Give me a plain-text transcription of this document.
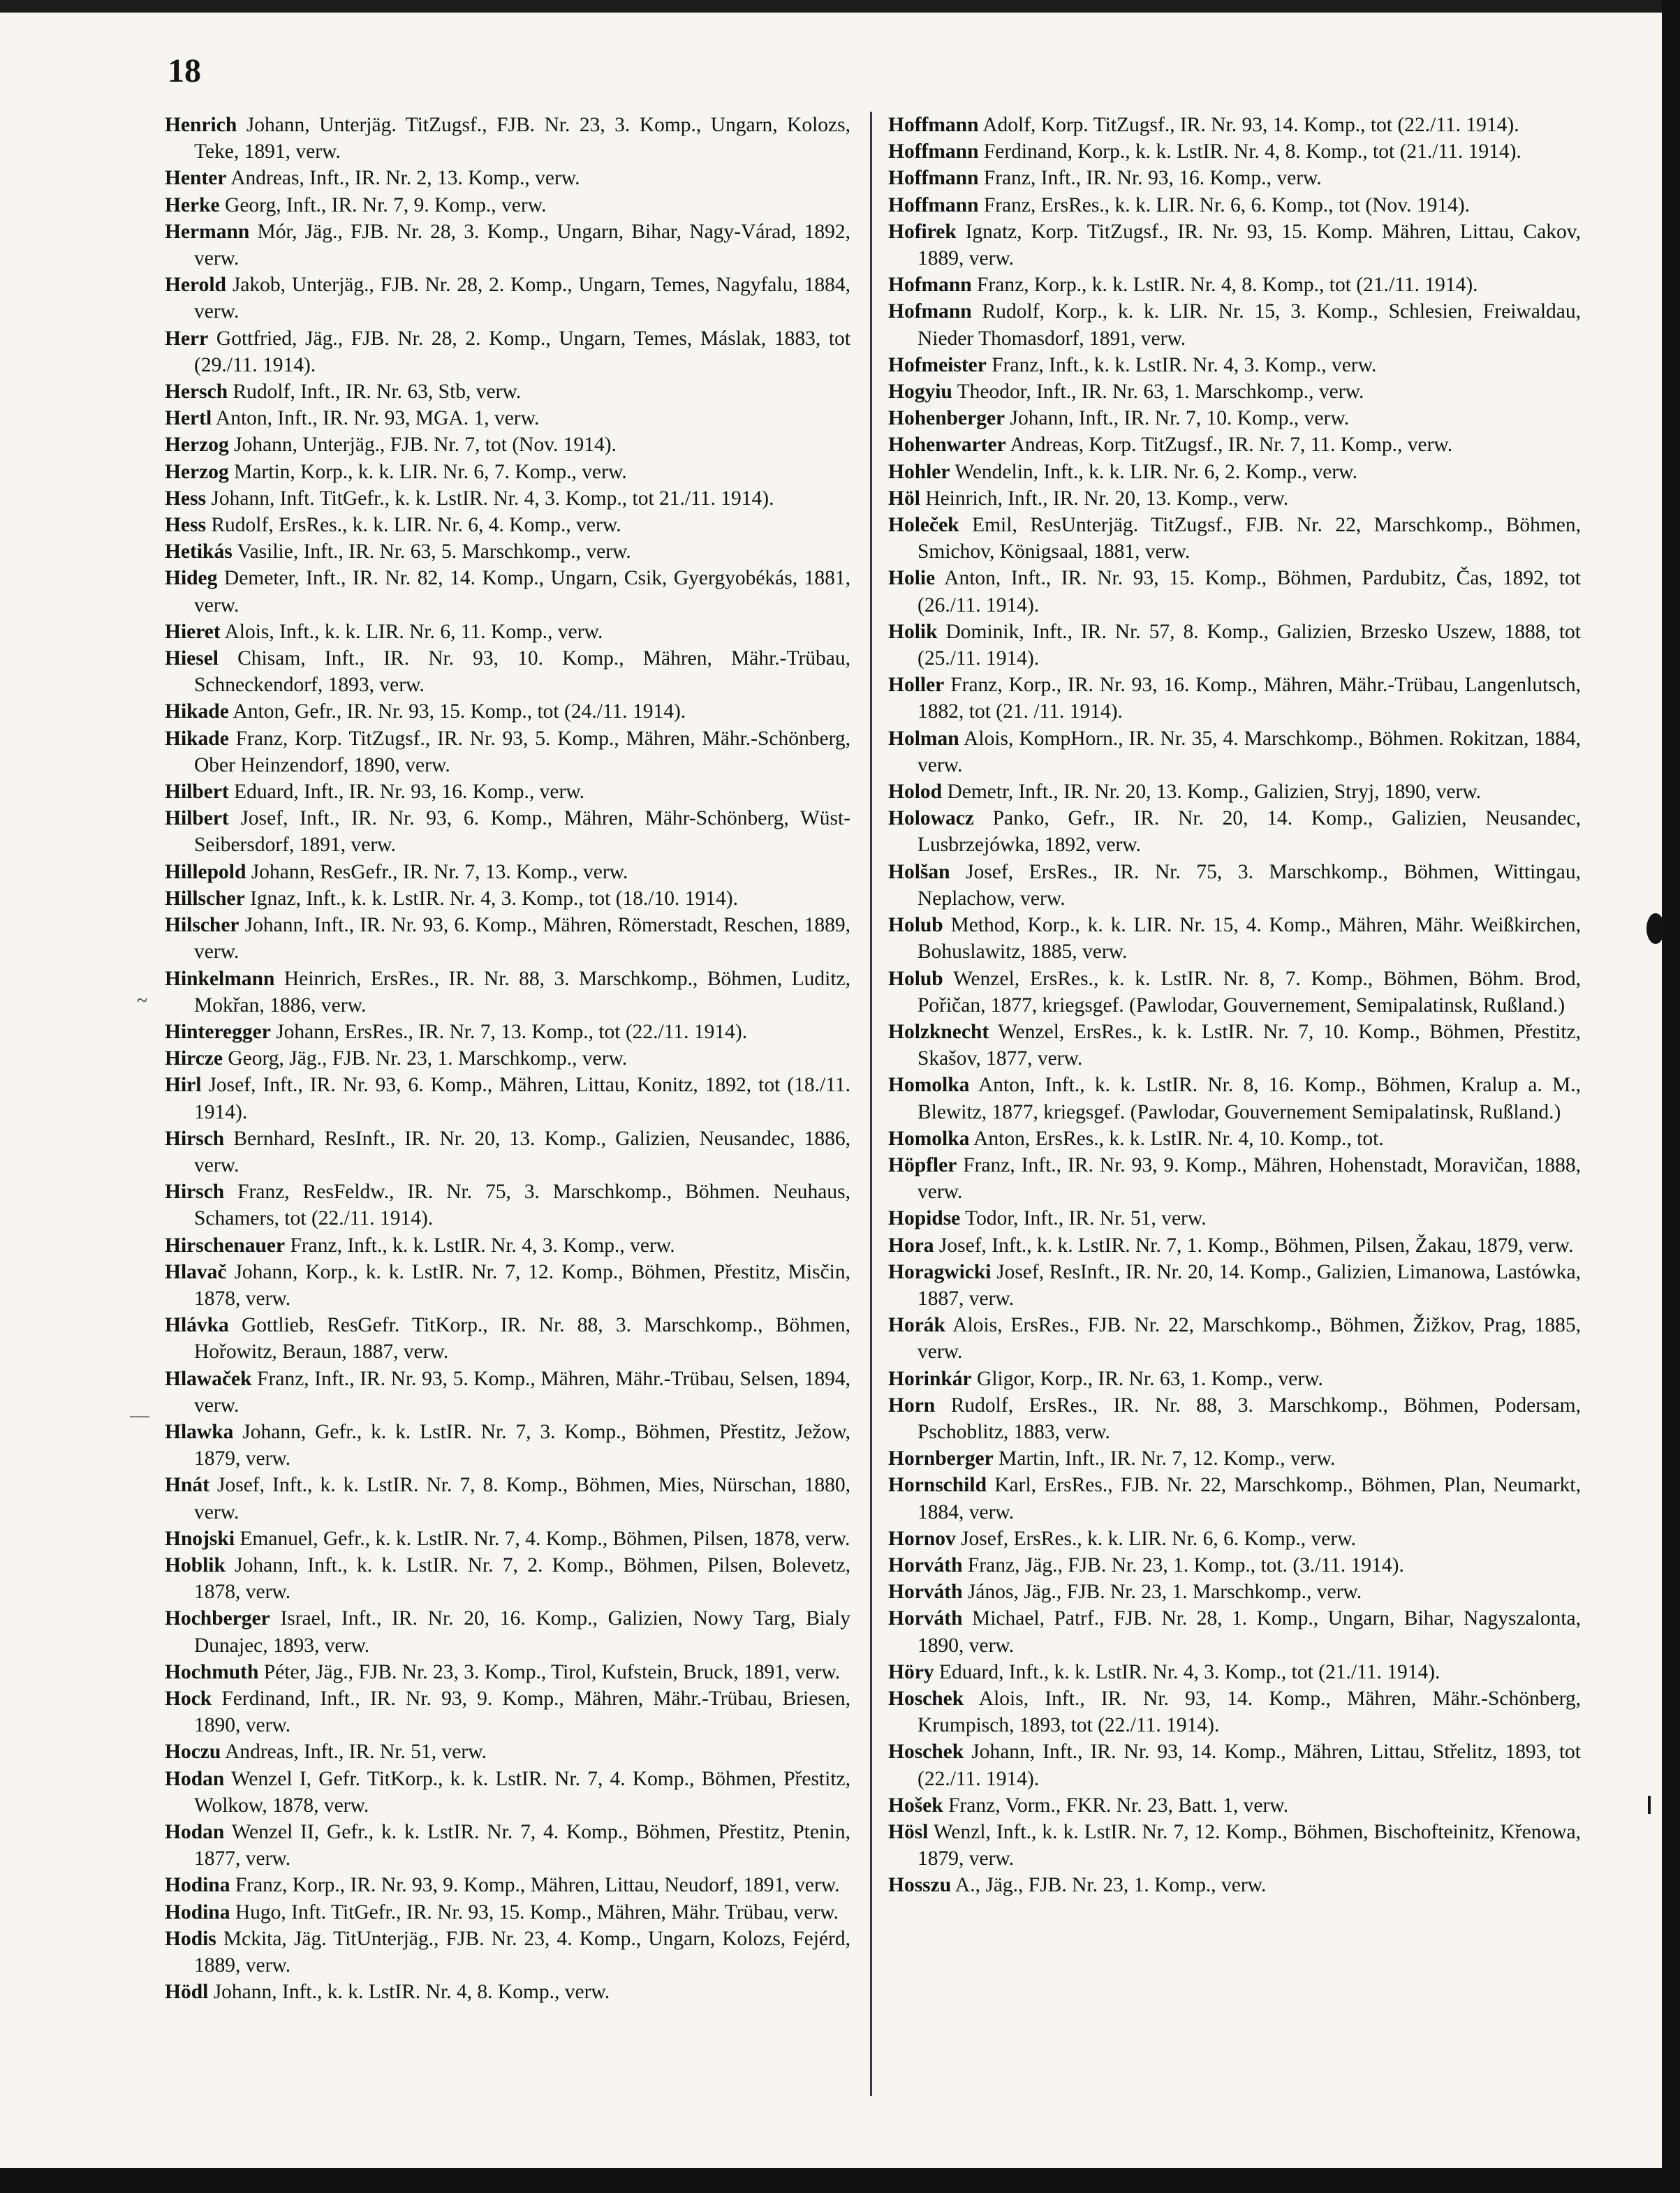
18

Henrich Johann, Unterjäg. TitZugsf., FJB. Nr. 23, 3. Komp., Ungarn, Kolozs, Teke, 1891, verw.

Henter Andreas, Inft., IR. Nr. 2, 13. Komp., verw.

Herke Georg, Inft., IR. Nr. 7, 9. Komp., verw.

Hermann Mór, Jäg., FJB. Nr. 28, 3. Komp., Ungarn, Bihar, Nagy-Várad, 1892, verw.

Herold Jakob, Unterjäg., FJB. Nr. 28, 2. Komp., Ungarn, Temes, Nagyfalu, 1884, verw.

Herr Gottfried, Jäg., FJB. Nr. 28, 2. Komp., Ungarn, Temes, Máslak, 1883, tot (29./11. 1914).

Hersch Rudolf, Inft., IR. Nr. 63, Stb, verw.

Hertl Anton, Inft., IR. Nr. 93, MGA. 1, verw.

Herzog Johann, Unterjäg., FJB. Nr. 7, tot (Nov. 1914).

Herzog Martin, Korp., k. k. LIR. Nr. 6, 7. Komp., verw.

Hess Johann, Inft. TitGefr., k. k. LstIR. Nr. 4, 3. Komp., tot 21./11. 1914).

Hess Rudolf, ErsRes., k. k. LIR. Nr. 6, 4. Komp., verw.

Hetikás Vasilie, Inft., IR. Nr. 63, 5. Marschkomp., verw.

Hideg Demeter, Inft., IR. Nr. 82, 14. Komp., Ungarn, Csik, Gyergyobékás, 1881, verw.

Hieret Alois, Inft., k. k. LIR. Nr. 6, 11. Komp., verw.

Hiesel Chisam, Inft., IR. Nr. 93, 10. Komp., Mähren, Mähr.-Trübau, Schneckendorf, 1893, verw.

Hikade Anton, Gefr., IR. Nr. 93, 15. Komp., tot (24./11. 1914).

Hikade Franz, Korp. TitZugsf., IR. Nr. 93, 5. Komp., Mähren, Mähr.-Schönberg, Ober Heinzendorf, 1890, verw.

Hilbert Eduard, Inft., IR. Nr. 93, 16. Komp., verw.

Hilbert Josef, Inft., IR. Nr. 93, 6. Komp., Mähren, Mähr-Schönberg, Wüst-Seibersdorf, 1891, verw.

Hillepold Johann, ResGefr., IR. Nr. 7, 13. Komp., verw.

Hillscher Ignaz, Inft., k. k. LstIR. Nr. 4, 3. Komp., tot (18./10. 1914).

Hilscher Johann, Inft., IR. Nr. 93, 6. Komp., Mähren, Römerstadt, Reschen, 1889, verw.

Hinkelmann Heinrich, ErsRes., IR. Nr. 88, 3. Marschkomp., Böhmen, Luditz, Mokřan, 1886, verw.

Hinteregger Johann, ErsRes., IR. Nr. 7, 13. Komp., tot (22./11. 1914).

Hircze Georg, Jäg., FJB. Nr. 23, 1. Marschkomp., verw.

Hirl Josef, Inft., IR. Nr. 93, 6. Komp., Mähren, Littau, Konitz, 1892, tot (18./11. 1914).

Hirsch Bernhard, ResInft., IR. Nr. 20, 13. Komp., Galizien, Neusandec, 1886, verw.

Hirsch Franz, ResFeldw., IR. Nr. 75, 3. Marschkomp., Böhmen. Neuhaus, Schamers, tot (22./11. 1914).

Hirschenauer Franz, Inft., k. k. LstIR. Nr. 4, 3. Komp., verw.

Hlavač Johann, Korp., k. k. LstIR. Nr. 7, 12. Komp., Böhmen, Přestitz, Misčin, 1878, verw.

Hlávka Gottlieb, ResGefr. TitKorp., IR. Nr. 88, 3. Marschkomp., Böhmen, Hořowitz, Beraun, 1887, verw.

Hlawaček Franz, Inft., IR. Nr. 93, 5. Komp., Mähren, Mähr.-Trübau, Selsen, 1894, verw.

Hlawka Johann, Gefr., k. k. LstIR. Nr. 7, 3. Komp., Böhmen, Přestitz, Ježow, 1879, verw.

Hnát Josef, Inft., k. k. LstIR. Nr. 7, 8. Komp., Böhmen, Mies, Nürschan, 1880, verw.

Hnojski Emanuel, Gefr., k. k. LstIR. Nr. 7, 4. Komp., Böhmen, Pilsen, 1878, verw.

Hoblik Johann, Inft., k. k. LstIR. Nr. 7, 2. Komp., Böhmen, Pilsen, Bolevetz, 1878, verw.

Hochberger Israel, Inft., IR. Nr. 20, 16. Komp., Galizien, Nowy Targ, Bialy Dunajec, 1893, verw.

Hochmuth Péter, Jäg., FJB. Nr. 23, 3. Komp., Tirol, Kufstein, Bruck, 1891, verw.

Hock Ferdinand, Inft., IR. Nr. 93, 9. Komp., Mähren, Mähr.-Trübau, Briesen, 1890, verw.

Hoczu Andreas, Inft., IR. Nr. 51, verw.

Hodan Wenzel I, Gefr. TitKorp., k. k. LstIR. Nr. 7, 4. Komp., Böhmen, Přestitz, Wolkow, 1878, verw.

Hodan Wenzel II, Gefr., k. k. LstIR. Nr. 7, 4. Komp., Böhmen, Přestitz, Ptenin, 1877, verw.

Hodina Franz, Korp., IR. Nr. 93, 9. Komp., Mähren, Littau, Neudorf, 1891, verw.

Hodina Hugo, Inft. TitGefr., IR. Nr. 93, 15. Komp., Mähren, Mähr. Trübau, verw.

Hodis Mckita, Jäg. TitUnterjäg., FJB. Nr. 23, 4. Komp., Ungarn, Kolozs, Fejérd, 1889, verw.

Hödl Johann, Inft., k. k. LstIR. Nr. 4, 8. Komp., verw.

Hoffmann Adolf, Korp. TitZugsf., IR. Nr. 93, 14. Komp., tot (22./11. 1914).

Hoffmann Ferdinand, Korp., k. k. LstIR. Nr. 4, 8. Komp., tot (21./11. 1914).

Hoffmann Franz, Inft., IR. Nr. 93, 16. Komp., verw.

Hoffmann Franz, ErsRes., k. k. LIR. Nr. 6, 6. Komp., tot (Nov. 1914).

Hofirek Ignatz, Korp. TitZugsf., IR. Nr. 93, 15. Komp. Mähren, Littau, Cakov, 1889, verw.

Hofmann Franz, Korp., k. k. LstIR. Nr. 4, 8. Komp., tot (21./11. 1914).

Hofmann Rudolf, Korp., k. k. LIR. Nr. 15, 3. Komp., Schlesien, Freiwaldau, Nieder Thomasdorf, 1891, verw.

Hofmeister Franz, Inft., k. k. LstIR. Nr. 4, 3. Komp., verw.

Hogyiu Theodor, Inft., IR. Nr. 63, 1. Marschkomp., verw.

Hohenberger Johann, Inft., IR. Nr. 7, 10. Komp., verw.

Hohenwarter Andreas, Korp. TitZugsf., IR. Nr. 7, 11. Komp., verw.

Hohler Wendelin, Inft., k. k. LIR. Nr. 6, 2. Komp., verw.

Höl Heinrich, Inft., IR. Nr. 20, 13. Komp., verw.

Holeček Emil, ResUnterjäg. TitZugsf., FJB. Nr. 22, Marschkomp., Böhmen, Smichov, Königsaal, 1881, verw.

Holie Anton, Inft., IR. Nr. 93, 15. Komp., Böhmen, Pardubitz, Čas, 1892, tot (26./11. 1914).

Holik Dominik, Inft., IR. Nr. 57, 8. Komp., Galizien, Brzesko Uszew, 1888, tot (25./11. 1914).

Holler Franz, Korp., IR. Nr. 93, 16. Komp., Mähren, Mähr.-Trübau, Langenlutsch, 1882, tot (21. /11. 1914).

Holman Alois, KompHorn., IR. Nr. 35, 4. Marschkomp., Böhmen. Rokitzan, 1884, verw.

Holod Demetr, Inft., IR. Nr. 20, 13. Komp., Galizien, Stryj, 1890, verw.

Holowacz Panko, Gefr., IR. Nr. 20, 14. Komp., Galizien, Neusandec, Lusbrzejówka, 1892, verw.

Holšan Josef, ErsRes., IR. Nr. 75, 3. Marschkomp., Böhmen, Wittingau, Neplachow, verw.

Holub Method, Korp., k. k. LIR. Nr. 15, 4. Komp., Mähren, Mähr. Weißkirchen, Bohuslawitz, 1885, verw.

Holub Wenzel, ErsRes., k. k. LstIR. Nr. 8, 7. Komp., Böhmen, Böhm. Brod, Pořičan, 1877, kriegsgef. (Pawlodar, Gouvernement, Semipalatinsk, Rußland.)

Holzknecht Wenzel, ErsRes., k. k. LstIR. Nr. 7, 10. Komp., Böhmen, Přestitz, Skašov, 1877, verw.

Homolka Anton, Inft., k. k. LstIR. Nr. 8, 16. Komp., Böhmen, Kralup a. M., Blewitz, 1877, kriegsgef. (Pawlodar, Gouvernement Semipalatinsk, Rußland.)

Homolka Anton, ErsRes., k. k. LstIR. Nr. 4, 10. Komp., tot.

Höpfler Franz, Inft., IR. Nr. 93, 9. Komp., Mähren, Hohenstadt, Moravičan, 1888, verw.

Hopidse Todor, Inft., IR. Nr. 51, verw.

Hora Josef, Inft., k. k. LstIR. Nr. 7, 1. Komp., Böhmen, Pilsen, Žakau, 1879, verw.

Horagwicki Josef, ResInft., IR. Nr. 20, 14. Komp., Galizien, Limanowa, Lastówka, 1887, verw.

Horák Alois, ErsRes., FJB. Nr. 22, Marschkomp., Böhmen, Žižkov, Prag, 1885, verw.

Horinkár Gligor, Korp., IR. Nr. 63, 1. Komp., verw.

Horn Rudolf, ErsRes., IR. Nr. 88, 3. Marschkomp., Böhmen, Podersam, Pschoblitz, 1883, verw.

Hornberger Martin, Inft., IR. Nr. 7, 12. Komp., verw.

Hornschild Karl, ErsRes., FJB. Nr. 22, Marschkomp., Böhmen, Plan, Neumarkt, 1884, verw.

Hornov Josef, ErsRes., k. k. LIR. Nr. 6, 6. Komp., verw.

Horváth Franz, Jäg., FJB. Nr. 23, 1. Komp., tot. (3./11. 1914).

Horváth János, Jäg., FJB. Nr. 23, 1. Marschkomp., verw.

Horváth Michael, Patrf., FJB. Nr. 28, 1. Komp., Ungarn, Bihar, Nagyszalonta, 1890, verw.

Höry Eduard, Inft., k. k. LstIR. Nr. 4, 3. Komp., tot (21./11. 1914).

Hoschek Alois, Inft., IR. Nr. 93, 14. Komp., Mähren, Mähr.-Schönberg, Krumpisch, 1893, tot (22./11. 1914).

Hoschek Johann, Inft., IR. Nr. 93, 14. Komp., Mähren, Littau, Střelitz, 1893, tot (22./11. 1914).

Hošek Franz, Vorm., FKR. Nr. 23, Batt. 1, verw.

Hösl Wenzl, Inft., k. k. LstIR. Nr. 7, 12. Komp., Böhmen, Bischofteinitz, Křenowa, 1879, verw.

Hosszu A., Jäg., FJB. Nr. 23, 1. Komp., verw.

~
—
